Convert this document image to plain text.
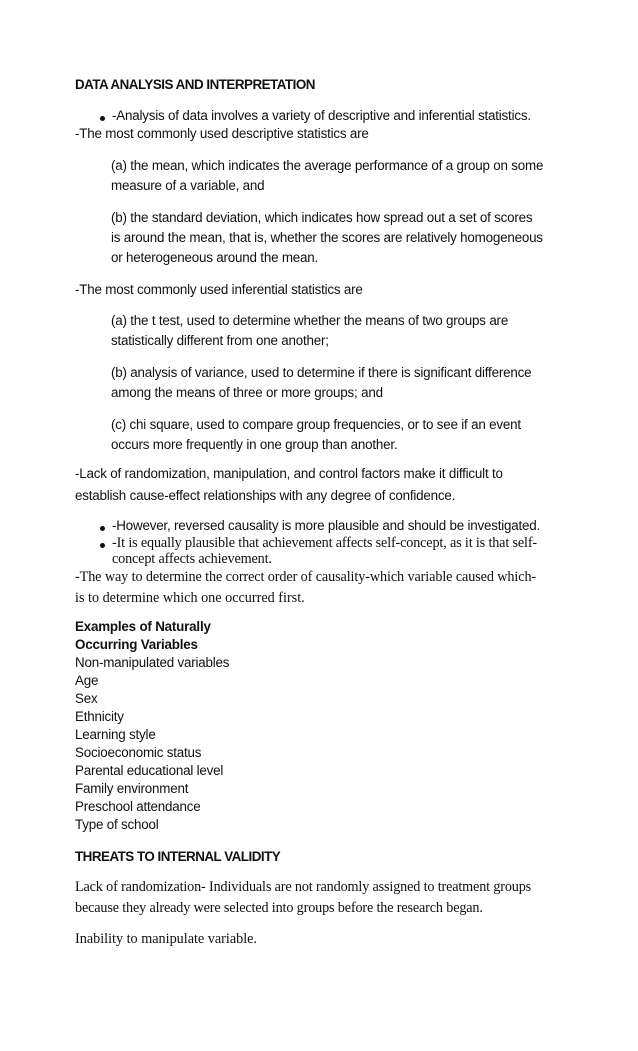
DATA ANALYSIS AND INTERPRETATION
-Analysis of data involves a variety of descriptive and inferential statistics.
-The most commonly used descriptive statistics are
(a) the mean, which indicates the average performance of a group on some
measure of a variable, and
(b) the standard deviation, which indicates how spread out a set of scores
is around the mean, that is, whether the scores are relatively homogeneous
or heterogeneous around the mean.
-The most commonly used inferential statistics are
(a) the t test, used to determine whether the means of two groups are
statistically different from one another;
(b) analysis of variance, used to determine if there is significant difference
among the means of three or more groups; and
(c) chi square, used to compare group frequencies, or to see if an event
occurs more frequently in one group than another.
-Lack of randomization, manipulation, and control factors make it difficult to
establish cause-effect relationships with any degree of confidence.
-However, reversed causality is more plausible and should be investigated.
-It is equally plausible that achievement affects self-concept, as it is that self-
concept affects achievement.
-The way to determine the correct order of causality-which variable caused which-
is to determine which one occurred first.
Examples of Naturally
Occurring Variables
Non-manipulated variables
Age
Sex
Ethnicity
Learning style
Socioeconomic status
Parental educational level
Family environment
Preschool attendance
Type of school
THREATS TO INTERNAL VALIDITY
Lack of randomization- Individuals are not randomly assigned to treatment groups
because they already were selected into groups before the research began.
Inability to manipulate variable.
